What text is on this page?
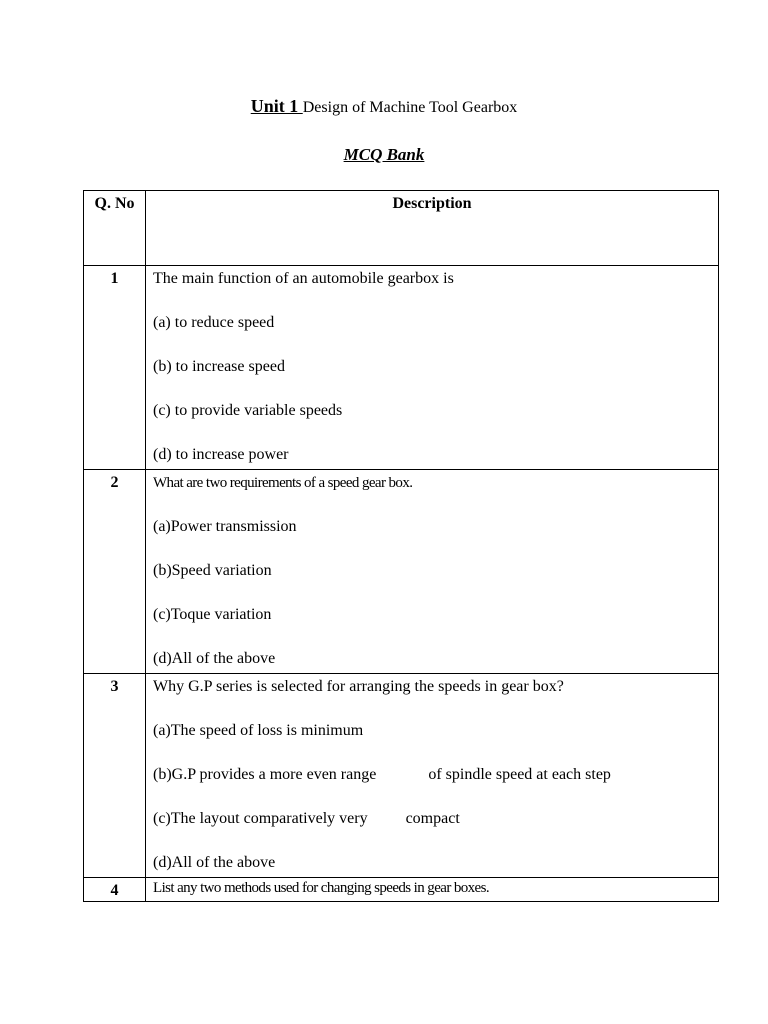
Unit 1 Design of Machine Tool Gearbox
MCQ Bank
Q. No	Description
1	The main function of an automobile gearbox is
(a) to reduce speed
(b) to increase speed
(c) to provide variable speeds
(d) to increase power

2	What are two requirements of a speed gear box.
(a)Power transmission
(b)Speed variation
(c)Toque variation
(d)All of the above

3	Why G.P series is selected for arranging the speeds in gear box?
(a)The speed of loss is minimum
(b)G.P provides a more even range of spindle speed at each step
(c)The layout comparatively very compact
(d)All of the above

4	List any two methods used for changing speeds in gear boxes.
